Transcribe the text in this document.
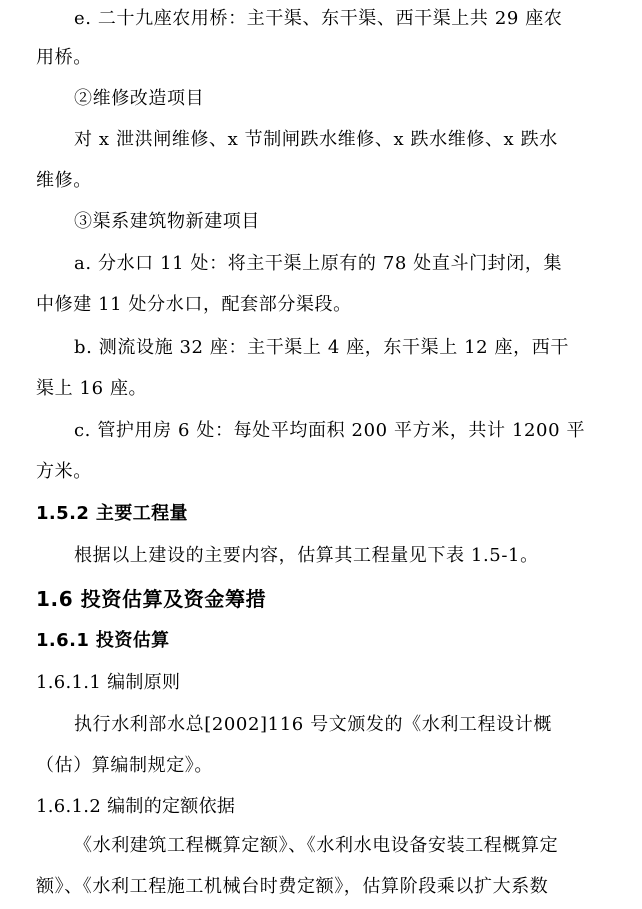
e. 二十九座农用桥：主干渠、东干渠、西干渠上共 29 座农
用桥。
②维修改造项目
对 x 泄洪闸维修、x 节制闸跌水维修、x 跌水维修、x 跌水
维修。
③渠系建筑物新建项目
a. 分水口 11 处：将主干渠上原有的 78 处直斗门封闭，集
中修建 11 处分水口，配套部分渠段。
b. 测流设施 32 座：主干渠上 4 座，东干渠上 12 座，西干
渠上 16 座。
c. 管护用房 6 处：每处平均面积 200 平方米，共计 1200 平
方米。
1.5.2 主要工程量
根据以上建设的主要内容，估算其工程量见下表 1.5-1。
1.6 投资估算及资金筹措
1.6.1 投资估算
1.6.1.1 编制原则
执行水利部水总[2002]116 号文颁发的《水利工程设计概
（估）算编制规定》。
1.6.1.2 编制的定额依据
《水利建筑工程概算定额》、《水利水电设备安装工程概算定
额》、《水利工程施工机械台时费定额》，估算阶段乘以扩大系数
